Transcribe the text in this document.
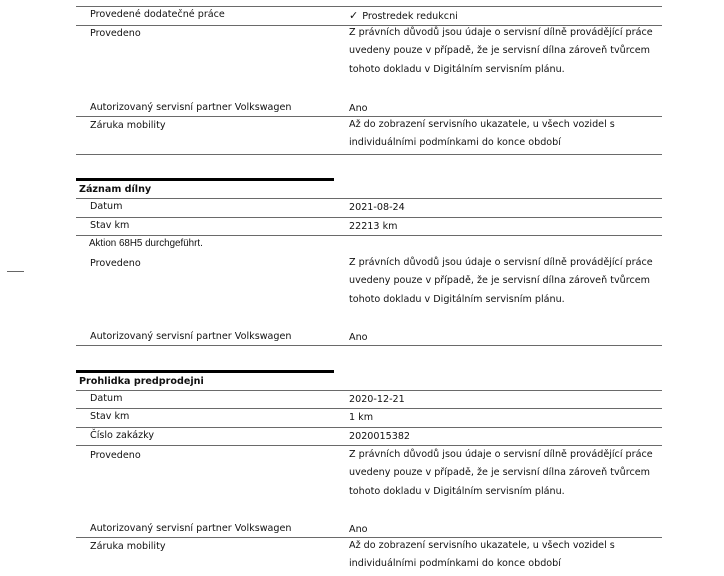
Provedené dodatečné práce	✓ Prostredek redukcni
Provedeno	Z právních důvodů jsou údaje o servisní dílně provádějící práce uvedeny pouze v případě, že je servisní dílna zároveň tvůrcem tohoto dokladu v Digitálním servisním plánu.
Autorizovaný servisní partner Volkswagen	Ano
Záruka mobility	Až do zobrazení servisního ukazatele, u všech vozidel s individuálními podmínkami do konce období
Záznam dílny
Datum	2021-08-24
Stav km	22213 km
Aktion 68H5 durchgeführt.
Provedeno	Z právních důvodů jsou údaje o servisní dílně provádějící práce uvedeny pouze v případě, že je servisní dílna zároveň tvůrcem tohoto dokladu v Digitálním servisním plánu.
Autorizovaný servisní partner Volkswagen	Ano
Prohlidka predprodejni
Datum	2020-12-21
Stav km	1 km
Číslo zakázky	2020015382
Provedeno	Z právních důvodů jsou údaje o servisní dílně provádějící práce uvedeny pouze v případě, že je servisní dílna zároveň tvůrcem tohoto dokladu v Digitálním servisním plánu.
Autorizovaný servisní partner Volkswagen	Ano
Záruka mobility	Až do zobrazení servisního ukazatele, u všech vozidel s individuálními podmínkami do konce období
